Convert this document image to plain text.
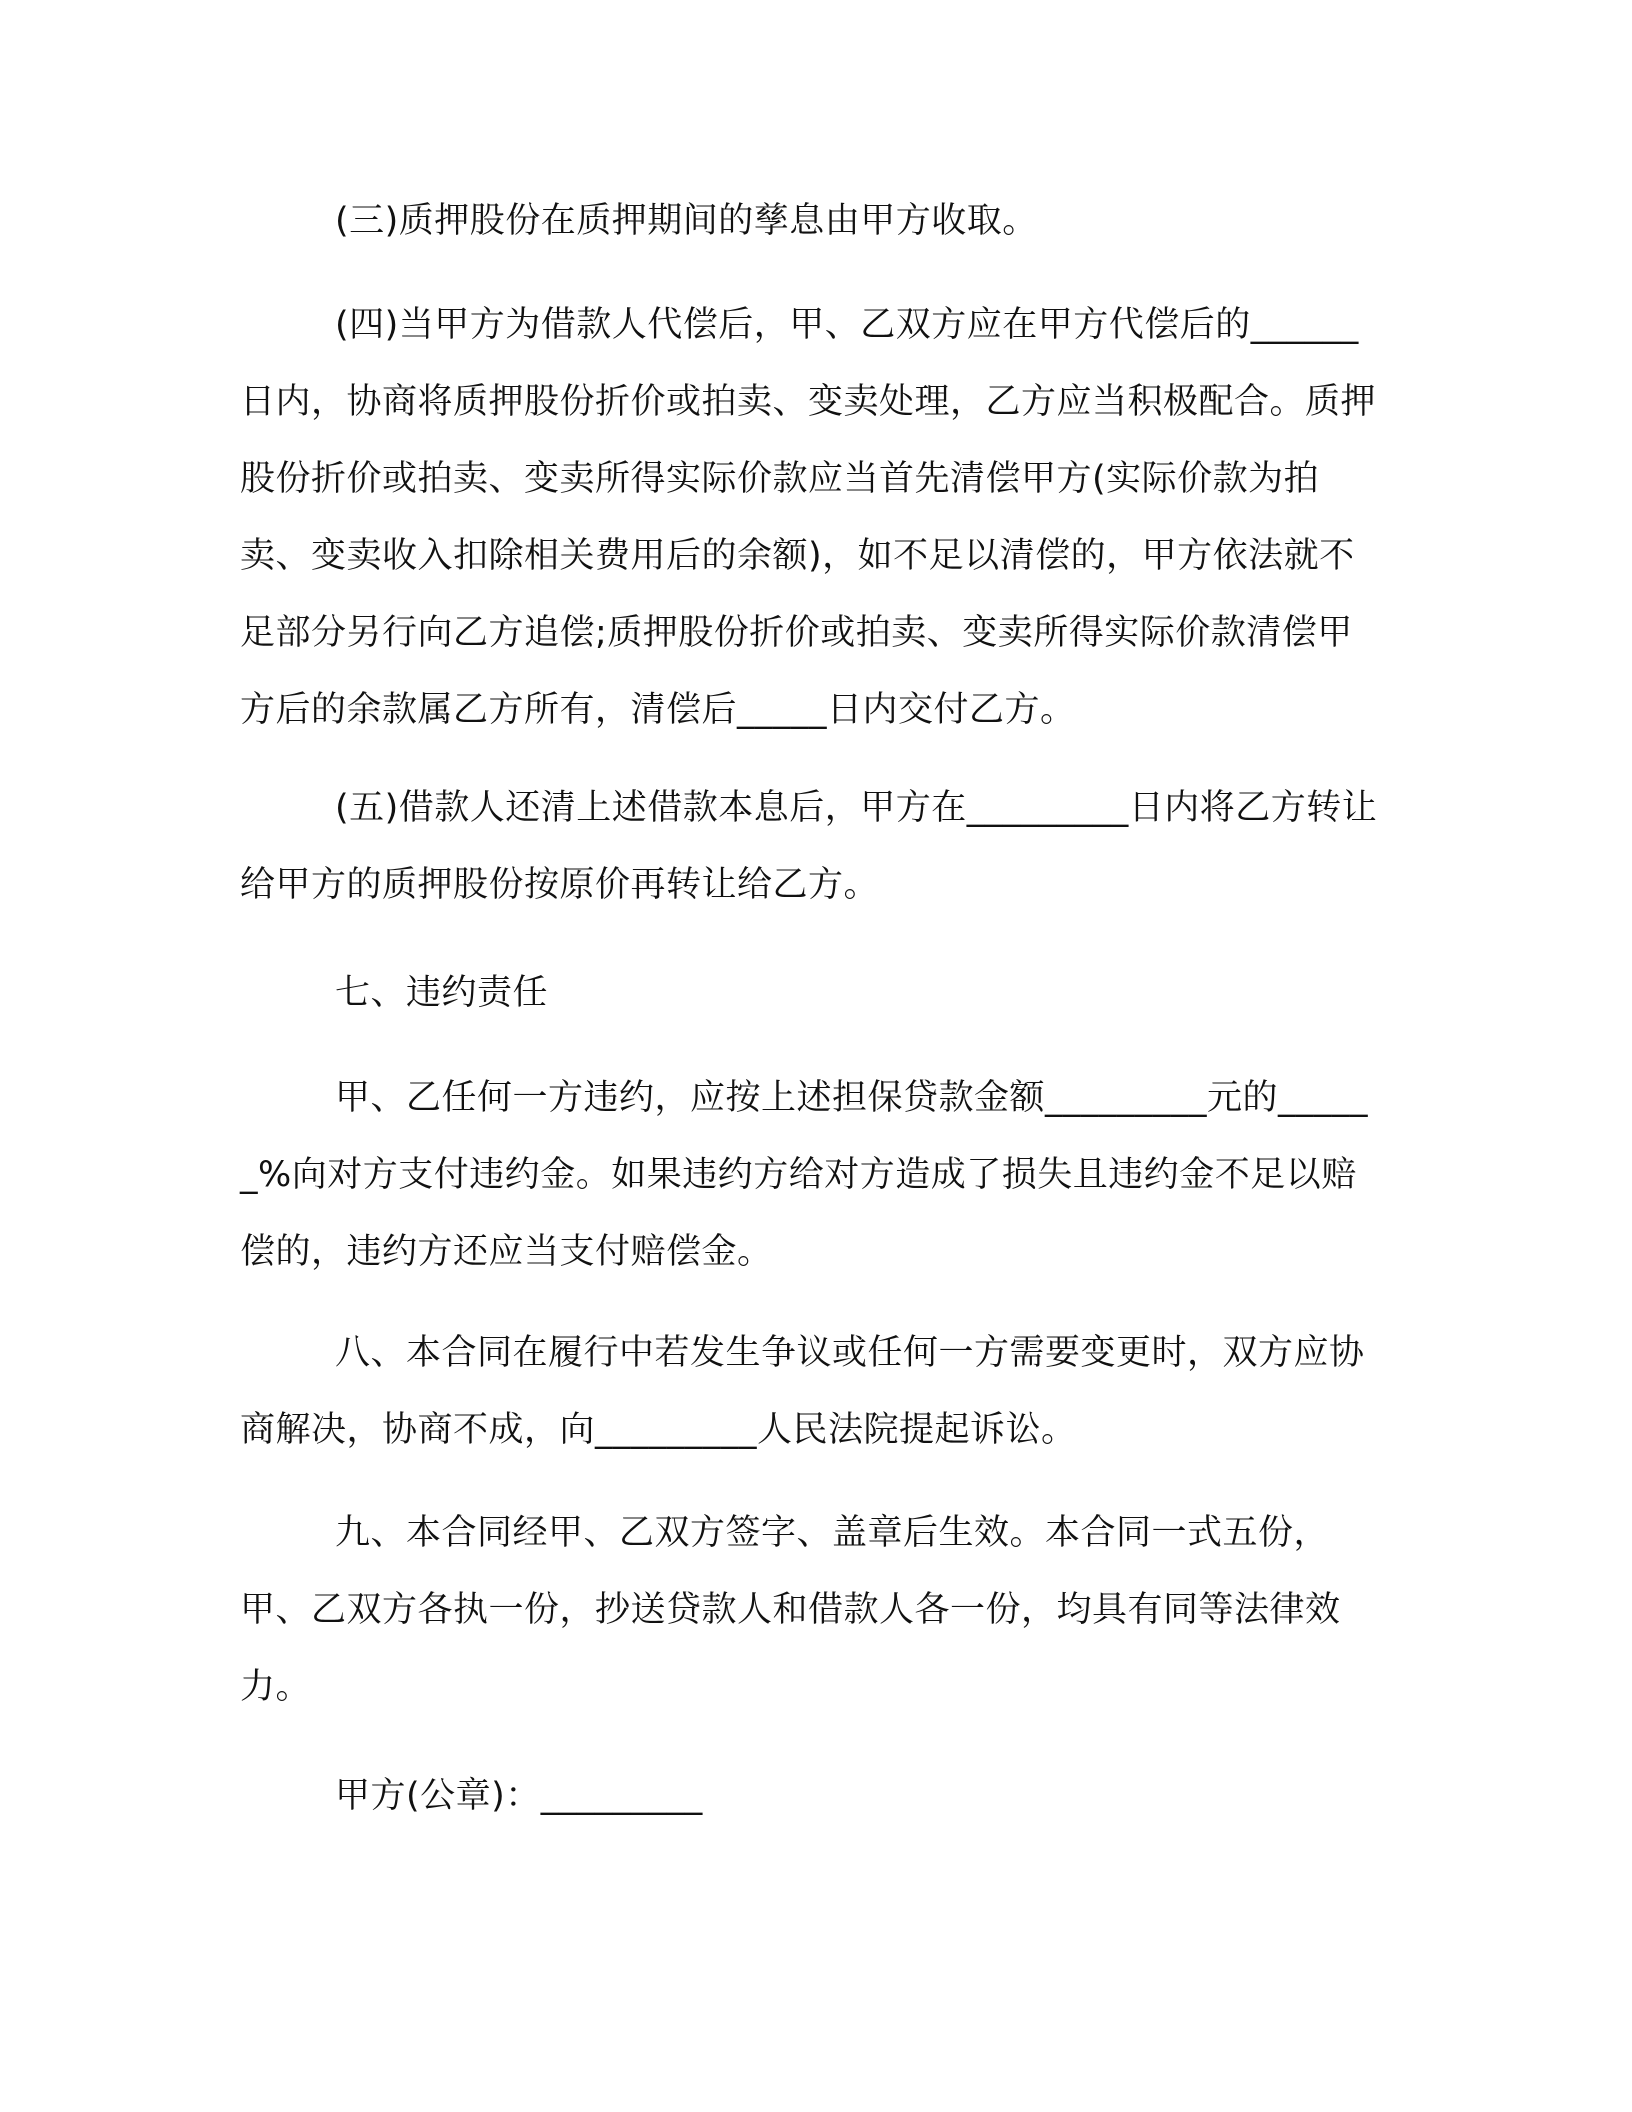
(三)质押股份在质押期间的孳息由甲方收取。

(四)当甲方为借款人代偿后，甲、乙双方应在甲方代偿后的______日内，协商将质押股份折价或拍卖、变卖处理，乙方应当积极配合。质押股份折价或拍卖、变卖所得实际价款应当首先清偿甲方(实际价款为拍卖、变卖收入扣除相关费用后的余额)，如不足以清偿的，甲方依法就不足部分另行向乙方追偿;质押股份折价或拍卖、变卖所得实际价款清偿甲方后的余款属乙方所有，清偿后_____日内交付乙方。

(五)借款人还清上述借款本息后，甲方在_________日内将乙方转让给甲方的质押股份按原价再转让给乙方。

七、违约责任

甲、乙任何一方违约，应按上述担保贷款金额_________元的______%向对方支付违约金。如果违约方给对方造成了损失且违约金不足以赔偿的，违约方还应当支付赔偿金。

八、本合同在履行中若发生争议或任何一方需要变更时，双方应协商解决，协商不成，向_________人民法院提起诉讼。

九、本合同经甲、乙双方签字、盖章后生效。本合同一式五份，甲、乙双方各执一份，抄送贷款人和借款人各一份，均具有同等法律效力。

甲方(公章)：_________
